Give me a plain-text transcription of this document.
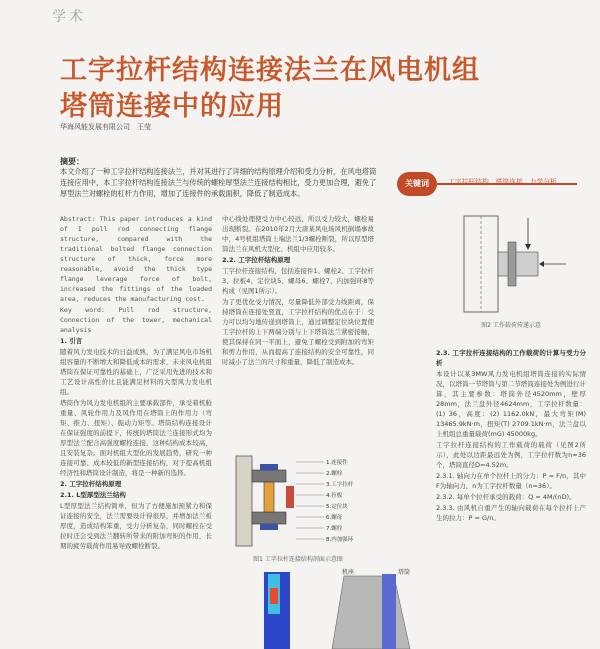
学术
工字拉杆结构连接法兰在风电机组
塔筒连接中的应用
华海风能发展有限公司　王莹
摘要：
本文介绍了一种工字拉杆结构连接法兰，并对其进行了详细的结构原理介绍和受力分析，在风电塔筒连接应用中，本工字拉杆结构连接法兰与传统的螺栓厚型法兰连接结构相比，受力更加合理，避免了厚型法兰对螺栓的杠杆力作用，增加了连接件的承载面积，降低了制造成本。
关键词	工字拉杆结构　塔筒连接　力学分析

Abstract: This paper introduces a kind of I pull rod connecting flange structure, compared with the traditional bolted flange connection structure of thick, force more reasonable, avoid the thick type flange leverage force of bolt, increased the fittings of the loaded area, reduces the manufacturing cost.

Key word: Pull rod structure, Connection of the tower, mechanical analysis

1. 引言

随着风力发电技术的日益成熟，为了满足风电市场机组容量的不断增大和降低成本的需求，未来风电机组塔筒在保证可靠性的基础上，广泛采用先进的技术和工艺设计高性价比且能满足材料的大型风力发电机组。

塔筒作为风力发电机组的主要承载部件，承受着机舱重量、风轮作用力及风作用在塔筒上的作用力（弯矩、推力、扭矩）、振动力矩等。塔筒结构连接设计在保证强度的前提下，传统的塔筒法兰连接形式均为厚型法兰配合高强度螺栓连接，这种结构成本较高，且安装复杂。面对机组大型化的发展趋势，研究一种连接可靠、成本较低的新型连接结构，对于提高机组经济性和塔筒设计制造，将是一种新的选择。

2. 工字拉杆结构原理

2.1. L型厚型法兰结构

L型厚型法兰结构简单，但为了方便施加预紧力和保证连接的安全，法兰需要设计得很厚，并增加法兰板厚度，造成结构笨重，受力分析复杂，同时螺栓在受拉时还会受到法兰翻转所带来的附加弯矩的作用，长期的疲劳载荷作用易导致螺栓断裂。

中心线处理使受力中心较远，所以受力较大，螺栓易出现断裂。在2010年2月大唐某风电场风机倒塌事故中，4号机组塔筒上端法兰1/3螺栓断裂，所以厚型塔筒法兰在风机大型化、机组中应用较多。

2.2. 工字拉杆结构原理

工字拉杆连接结构，包括连接件1、螺栓2、工字拉杆3、拉板4、定位块5、螺母6、螺栓7、内加强环8等构成（见图1所示）。

为了更优化受力情况，尽量降低外部受力线距离，保持塔筒在连接处竖直，工字拉杆结构的优点在于：受力可以均匀地传递到塔筒上，通过调整定位块位置使工字拉杆的上下两端分别与上下塔筒法兰紧密接触，使其保持在同一平面上，避免了螺栓受到附加的弯矩和剪力作用，从而提高了连接结构的安全可靠性，同时减小了法兰的尺寸和重量，降低了制造成本。

1.连接件
2.螺栓
3.工字拉杆
4.拉板
5.定位块
6.螺母
7.螺栓
8.内加强环
图1 工字拉杆连接结构剖面示意图
图2 工作载荷传递示意

2.3. 工字拉杆连接结构的工作载荷的计算与受力分析

本设计以某3MW风力发电机组塔筒连接的实际情况，以塔筒一节塔筒与第二节塔筒连接处为例进行计算，其主要参数：塔筒外径4520mm，壁厚28mm，法兰盘外径4624mm，工字拉杆数量：(1) 36，高度：(2) 1162.0kN，最大弯矩(M) 13465.9kN·m，扭矩(T) 2709.1kN·m，法兰盘以上机组总重量载荷(mG) 45000kg。

工字拉杆连接结构的工作载荷的载荷（见图2所示），此处以边距最远处为例，工字拉杆数为n=36个，塔筒直径D=4.52m。

2.3.1. 轴向力在单个拉杆上的分力：P = F/n，其中F为轴向力，n为工字拉杆数量（n=36）。

2.3.2. 每单个拉杆承受的载荷：Q = 4M/(nD)。

2.3.3. 由风机自重产生的轴向载荷在每个拉杆上产生的拉力：P = G/n。

机座	塔筒
